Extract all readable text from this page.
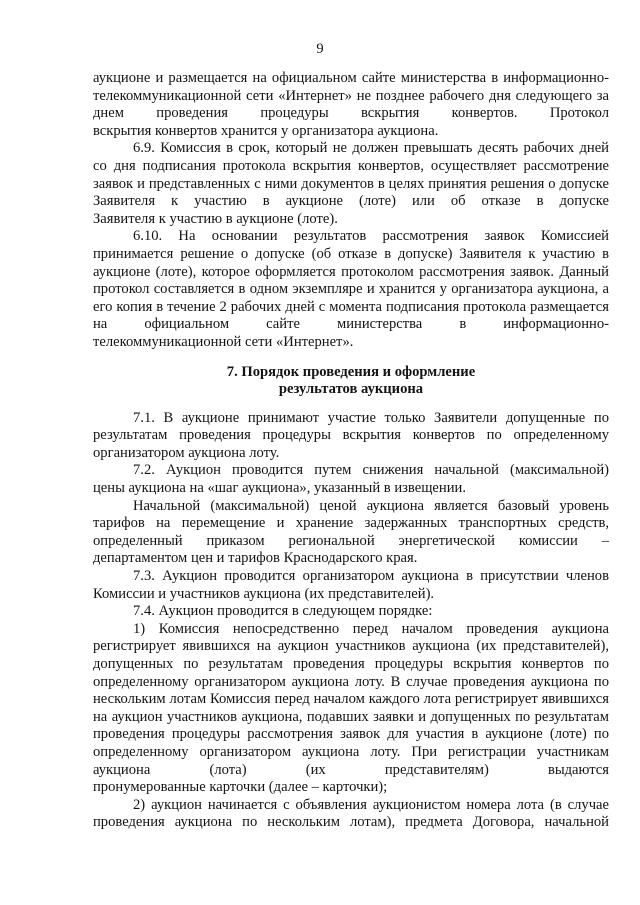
9

аукционе и размещается на официальном сайте министерства в информационно-телекоммуникационной сети «Интернет» не позднее рабочего дня следующего за днем проведения процедуры вскрытия конвертов. Протокол

вскрытия конвертов хранится у организатора аукциона.

6.9. Комиссия в срок, который не должен превышать десять рабочих дней со дня подписания протокола вскрытия конвертов, осуществляет рассмотрение заявок и представленных с ними документов в целях принятия решения о допуске Заявителя к участию в аукционе (лоте) или об отказе в допуске

Заявителя к участию в аукционе (лоте).

6.10. На основании результатов рассмотрения заявок Комиссией принимается решение о допуске (об отказе в допуске) Заявителя к участию в аукционе (лоте), которое оформляется протоколом рассмотрения заявок. Данный протокол составляется в одном экземпляре и хранится у организатора аукциона, а его копия в течение 2 рабочих дней с момента подписания протокола размещается на официальном сайте министерства в информационно-

телекоммуникационной сети «Интернет».

7. Порядок проведения и оформление
результатов аукциона

7.1. В аукционе принимают участие только Заявители допущенные по результатам проведения процедуры вскрытия конвертов по определенному

организатором аукциона лоту.

7.2. Аукцион проводится путем снижения начальной (максимальной)

цены аукциона на «шаг аукциона», указанный в извещении.

Начальной (максимальной) ценой аукциона является базовый уровень тарифов на перемещение и хранение задержанных транспортных средств, определенный приказом региональной энергетической комиссии –

департаментом цен и тарифов Краснодарского края.

7.3. Аукцион проводится организатором аукциона в присутствии членов

Комиссии и участников аукциона (их представителей).

7.4. Аукцион проводится в следующем порядке:

1) Комиссия непосредственно перед началом проведения аукциона регистрирует явившихся на аукцион участников аукциона (их представителей), допущенных по результатам проведения процедуры вскрытия конвертов по определенному организатором аукциона лоту. В случае проведения аукциона по нескольким лотам Комиссия перед началом каждого лота регистрирует явившихся на аукцион участников аукциона, подавших заявки и допущенных по результатам проведения процедуры рассмотрения заявок для участия в аукционе (лоте) по определенному организатором аукциона лоту. При регистрации участникам аукциона (лота) (их представителям) выдаются

пронумерованные карточки (далее – карточки);

2) аукцион начинается с объявления аукционистом номера лота (в случае проведения аукциона по нескольким лотам), предмета Договора, начальной
